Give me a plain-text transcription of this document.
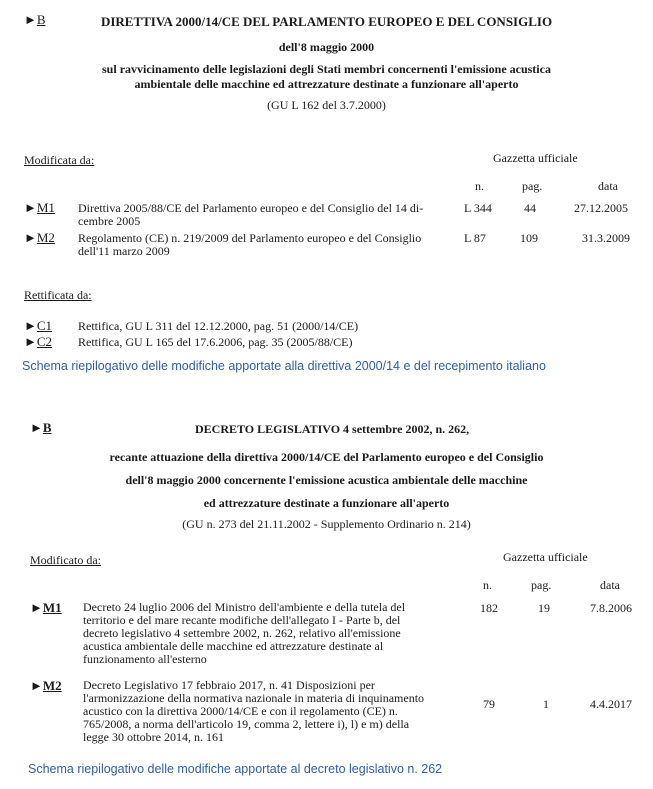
►B	DIRETTIVA 2000/14/CE DEL PARLAMENTO EUROPEO E DEL CONSIGLIO
dell'8 maggio 2000
sul ravvicinamento delle legislazioni degli Stati membri concernenti l'emissione acustica
ambientale delle macchine ed attrezzature destinate a funzionare all'aperto
(GU L 162 del 3.7.2000)
Modificata da:	Gazzetta ufficiale
n.	pag.	data
►M1 Direttiva 2005/88/CE del Parlamento europeo e del Consiglio del 14 di-
cembre 2005
L 344	44	27.12.2005
►M2 Regolamento (CE) n. 219/2009 del Parlamento europeo e del Consiglio
dell'11 marzo 2009
L 87	109	31.3.2009
Rettificata da:
►C1 Rettifica, GU L 311 del 12.12.2000, pag. 51 (2000/14/CE)
►C2 Rettifica, GU L 165 del 17.6.2006, pag. 35 (2005/88/CE)
Schema riepilogativo delle modifiche apportate alla direttiva 2000/14 e del recepimento italiano
►B	DECRETO LEGISLATIVO 4 settembre 2002, n. 262,
recante attuazione della direttiva 2000/14/CE del Parlamento europeo e del Consiglio
dell'8 maggio 2000 concernente l'emissione acustica ambientale delle macchine
ed attrezzature destinate a funzionare all'aperto
(GU n. 273 del 21.11.2002 - Supplemento Ordinario n. 214)
Modificato da:	Gazzetta ufficiale
n.	pag.	data
►M1 Decreto 24 luglio 2006 del Ministro dell'ambiente e della tutela del
territorio e del mare recante modifiche dell'allegato I - Parte b, del
decreto legislativo 4 settembre 2002, n. 262, relativo all'emissione
acustica ambientale delle macchine ed attrezzature destinate al
funzionamento all'esterno
182	19	7.8.2006
►M2 Decreto Legislativo 17 febbraio 2017, n. 41 Disposizioni per
l'armonizzazione della normativa nazionale in materia di inquinamento
acustico con la direttiva 2000/14/CE e con il regolamento (CE) n.
765/2008, a norma dell'articolo 19, comma 2, lettere i), l) e m) della
legge 30 ottobre 2014, n. 161
79	1	4.4.2017
Schema riepilogativo delle modifiche apportate al decreto legislativo n. 262
